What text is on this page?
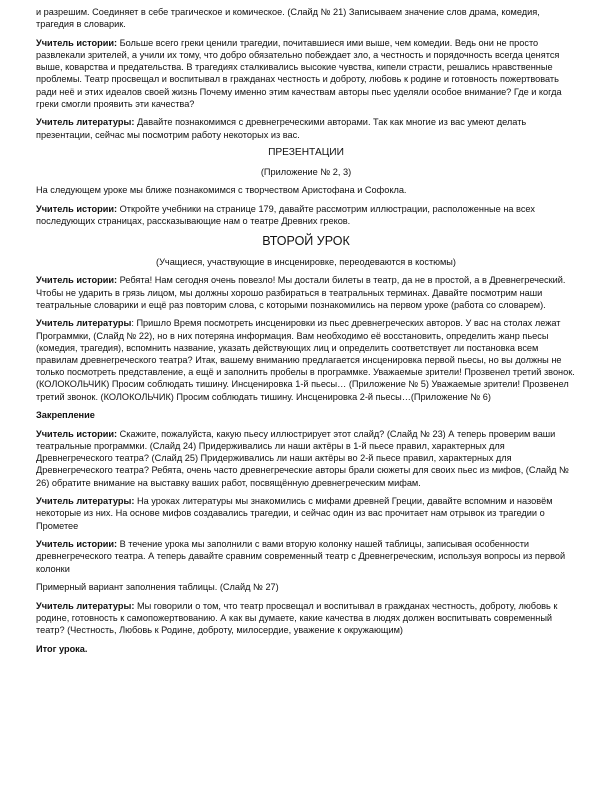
и разрешим. Соединяет в себе трагическое и комическое. (Слайд № 21) Записываем значение слов драма, комедия, трагедия в словарик.

Учитель истории: Больше всего греки ценили трагедии, почитавшиеся ими выше, чем комедии. Ведь они не просто развлекали зрителей, а учили их тому, что добро обязательно побеждает зло, а честность и порядочность всегда ценятся выше, коварства и предательства. В трагедиях сталкивались высокие чувства, кипели страсти, решались нравственные проблемы. Театр просвещал и воспитывал в гражданах честность и доброту, любовь к родине и готовность пожертвовать ради неё и этих идеалов своей жизнь Почему именно этим качествам авторы пьес уделяли особое внимание? Где и когда греки смогли проявить эти качества?

Учитель литературы: Давайте познакомимся с древнегреческими авторами. Так как многие из вас умеют делать презентации, сейчас мы посмотрим работу некоторых из вас.

ПРЕЗЕНТАЦИИ

(Приложение № 2, 3)

На следующем уроке мы ближе познакомимся с творчеством Аристофана и Софокла.

Учитель истории: Откройте учебники на странице 179, давайте рассмотрим иллюстрации, расположенные на всех последующих страницах, рассказывающие нам о театре Древних греков.

ВТОРОЙ УРОК

(Учащиеся, участвующие в инсценировке, переодеваются в костюмы)

Учитель истории: Ребята! Нам сегодня очень повезло! Мы достали билеты в театр, да не в простой, а в Древнегреческий. Чтобы не ударить в грязь лицом, мы должны хорошо разбираться в театральных терминах. Давайте посмотрим наши театральные словарики и ещё раз повторим слова, с которыми познакомились на первом уроке (работа со словарем).

Учитель литературы: Пришло Время посмотреть инсценировки из пьес древнегреческих авторов. У вас на столах лежат Программки, (Слайд № 22), но в них потеряна информация. Вам необходимо её восстановить, определить жанр пьесы (комедия, трагедия), вспомнить название, указать действующих лиц и определить соответствует ли постановка всем правилам древнегреческого театра? Итак, вашему вниманию предлагается инсценировка первой пьесы, но вы должны не только посмотреть представление, а ещё и заполнить пробелы в программке. Уважаемые зрители! Прозвенел третий звонок. (КОЛОКОЛЬЧИК) Просим соблюдать тишину. Инсценировка 1-й пьесы… (Приложение № 5) Уважаемые зрители! Прозвенел третий звонок. (КОЛОКОЛЬЧИК) Просим соблюдать тишину. Инсценировка 2-й пьесы…(Приложение № 6)

Закрепление

Учитель истории: Скажите, пожалуйста, какую пьесу иллюстрирует этот слайд? (Слайд № 23) А теперь проверим ваши театральные программки. (Слайд 24) Придерживались ли наши актёры в 1-й пьесе правил, характерных для Древнегреческого театра? (Слайд 25) Придерживались ли наши актёры во 2-й пьесе правил, характерных для Древнегреческого театра? Ребята, очень часто древнегреческие авторы брали сюжеты для своих пьес из мифов, (Слайд № 26) обратите внимание на выставку ваших работ, посвящённую древнегреческим мифам.

Учитель литературы: На уроках литературы мы знакомились с мифами древней Греции, давайте вспомним и назовём некоторые из них. На основе мифов создавались трагедии, и сейчас один из вас прочитает нам отрывок из трагедии о Прометее

Учитель истории: В течение урока мы заполнили с вами вторую колонку нашей таблицы, записывая особенности древнегреческого театра. А теперь давайте сравним современный театр с Древнегреческим, используя вопросы из первой колонки

Примерный вариант заполнения таблицы. (Слайд № 27)

Учитель литературы: Мы говорили о том, что театр просвещал и воспитывал в гражданах честность, доброту, любовь к родине, готовность к самопожертвованию. А как вы думаете, какие качества в людях должен воспитывать современный театр? (Честность, Любовь к Родине, доброту, милосердие, уважение к окружающим)

Итог урока.
